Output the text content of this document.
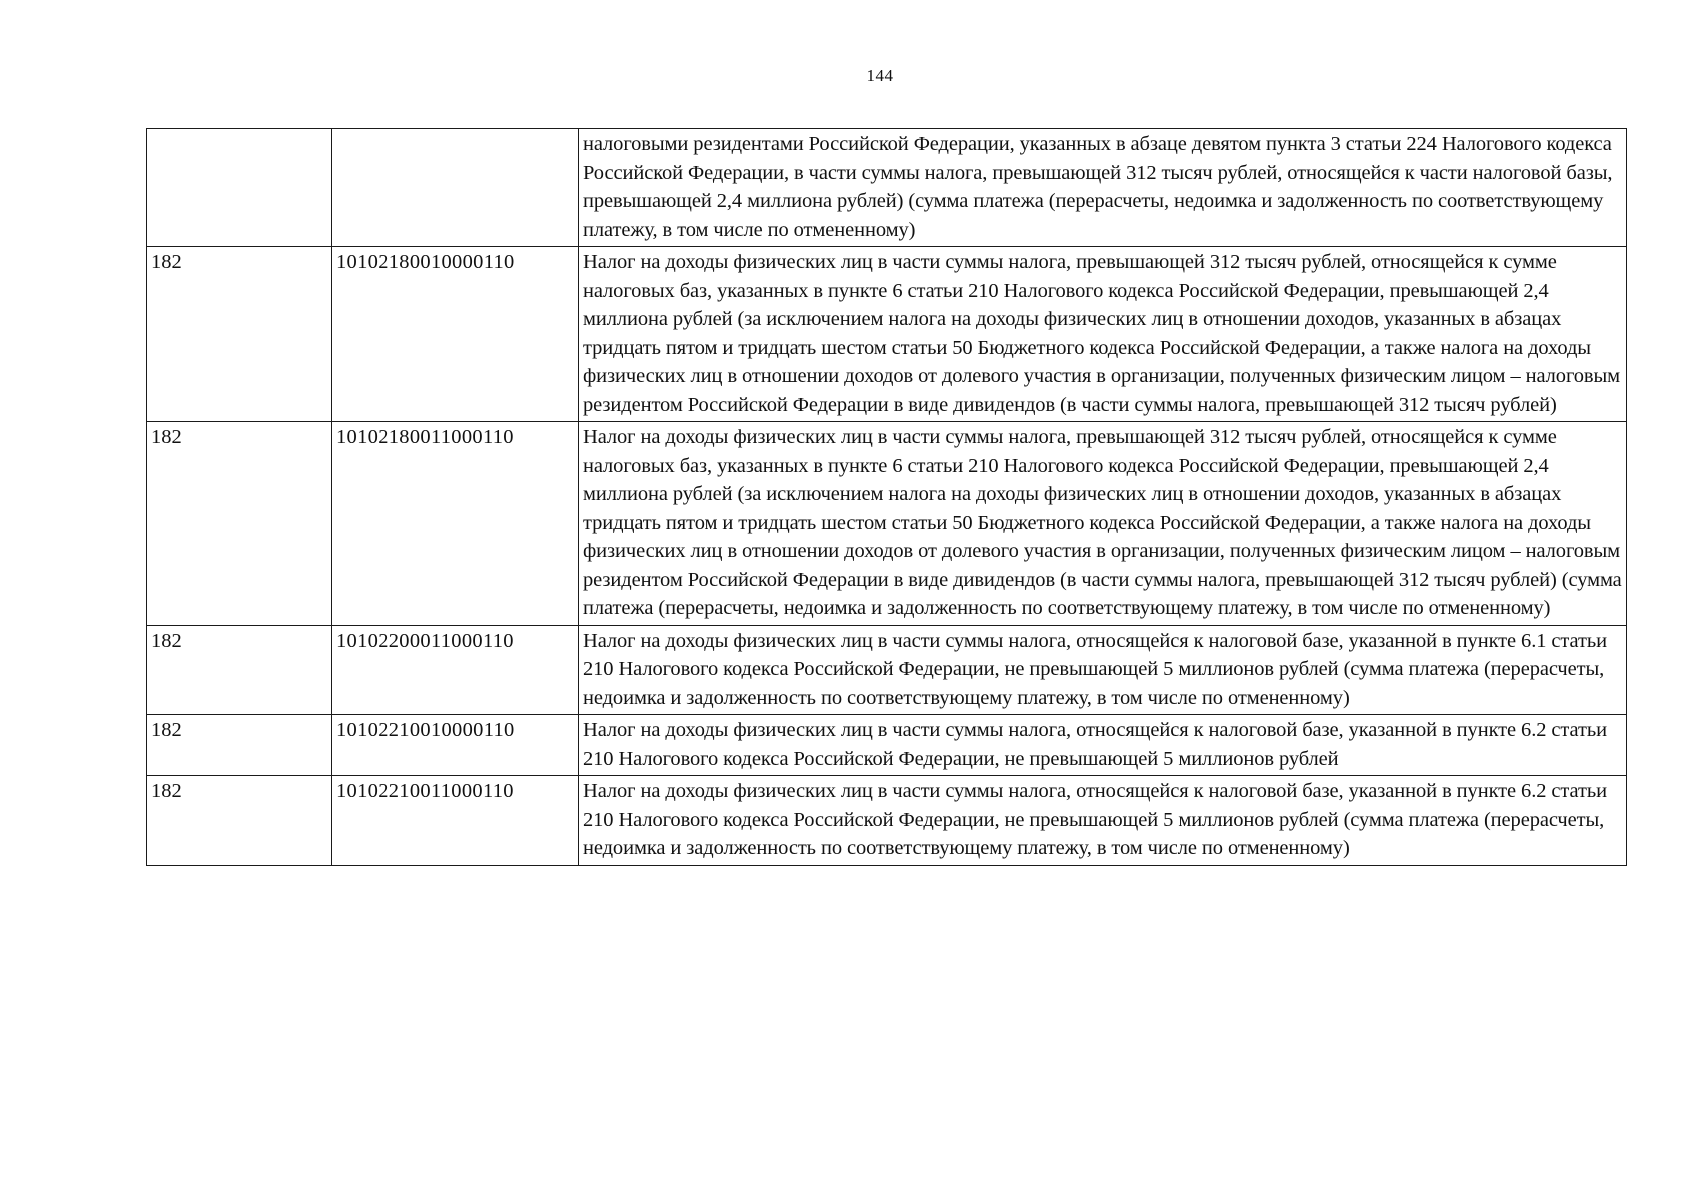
144
		налоговыми резидентами Российской Федерации, указанных в абзаце девятом пункта 3 статьи 224 Налогового кодекса Российской Федерации, в части суммы налога, превышающей 312 тысяч рублей, относящейся к части налоговой базы, превышающей 2,4 миллиона рублей) (сумма платежа (перерасчеты, недоимка и задолженность по соответствующему платежу, в том числе по отмененному)
182	10102180010000110	Налог на доходы физических лиц в части суммы налога, превышающей 312 тысяч рублей, относящейся к сумме налоговых баз, указанных в пункте 6 статьи 210 Налогового кодекса Российской Федерации, превышающей 2,4 миллиона рублей (за исключением налога на доходы физических лиц в отношении доходов, указанных в абзацах тридцать пятом и тридцать шестом статьи 50 Бюджетного кодекса Российской Федерации, а также налога на доходы физических лиц в отношении доходов от долевого участия в организации, полученных физическим лицом – налоговым резидентом Российской Федерации в виде дивидендов (в части суммы налога, превышающей 312 тысяч рублей)
182	10102180011000110	Налог на доходы физических лиц в части суммы налога, превышающей 312 тысяч рублей, относящейся к сумме налоговых баз, указанных в пункте 6 статьи 210 Налогового кодекса Российской Федерации, превышающей 2,4 миллиона рублей (за исключением налога на доходы физических лиц в отношении доходов, указанных в абзацах тридцать пятом и тридцать шестом статьи 50 Бюджетного кодекса Российской Федерации, а также налога на доходы физических лиц в отношении доходов от долевого участия в организации, полученных физическим лицом – налоговым резидентом Российской Федерации в виде дивидендов (в части суммы налога, превышающей 312 тысяч рублей) (сумма платежа (перерасчеты, недоимка и задолженность по соответствующему платежу, в том числе по отмененному)
182	10102200011000110	Налог на доходы физических лиц в части суммы налога, относящейся к налоговой базе, указанной в пункте 6.1 статьи 210 Налогового кодекса Российской Федерации, не превышающей 5 миллионов рублей (сумма платежа (перерасчеты, недоимка и задолженность по соответствующему платежу, в том числе по отмененному)
182	10102210010000110	Налог на доходы физических лиц в части суммы налога, относящейся к налоговой базе, указанной в пункте 6.2 статьи 210 Налогового кодекса Российской Федерации, не превышающей 5 миллионов рублей
182	10102210011000110	Налог на доходы физических лиц в части суммы налога, относящейся к налоговой базе, указанной в пункте 6.2 статьи 210 Налогового кодекса Российской Федерации, не превышающей 5 миллионов рублей (сумма платежа (перерасчеты, недоимка и задолженность по соответствующему платежу, в том числе по отмененному)
